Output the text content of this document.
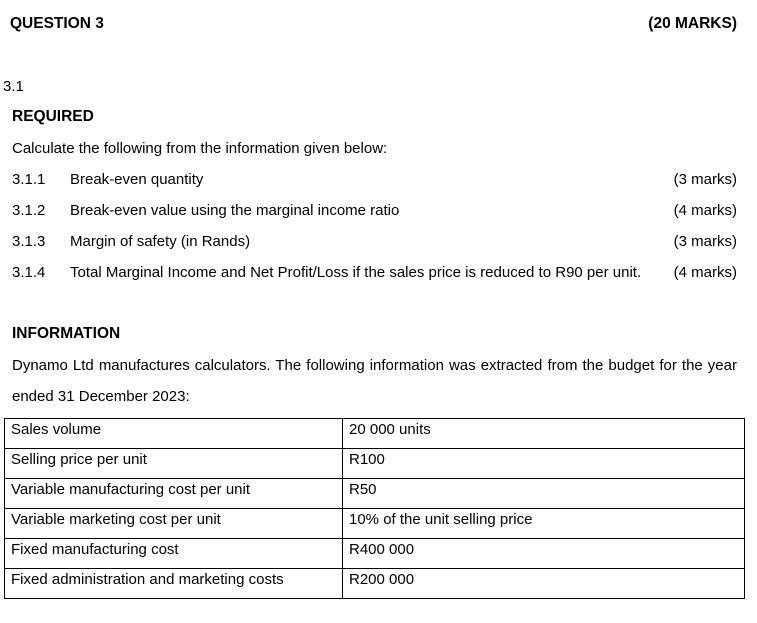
QUESTION 3	(20 MARKS)
3.1
REQUIRED
Calculate the following from the information given below:
3.1.1 Break-even quantity	(3 marks)
3.1.2 Break-even value using the marginal income ratio	(4 marks)
3.1.3 Margin of safety (in Rands)	(3 marks)
3.1.4 Total Marginal Income and Net Profit/Loss if the sales price is reduced to R90 per unit. (4 marks)
INFORMATION
Dynamo Ltd manufactures calculators. The following information was extracted from the budget for the year
ended 31 December 2023:
Sales volume	20 000 units
Selling price per unit	R100
Variable manufacturing cost per unit	R50
Variable marketing cost per unit	10% of the unit selling price
Fixed manufacturing cost	R400 000
Fixed administration and marketing costs	R200 000
